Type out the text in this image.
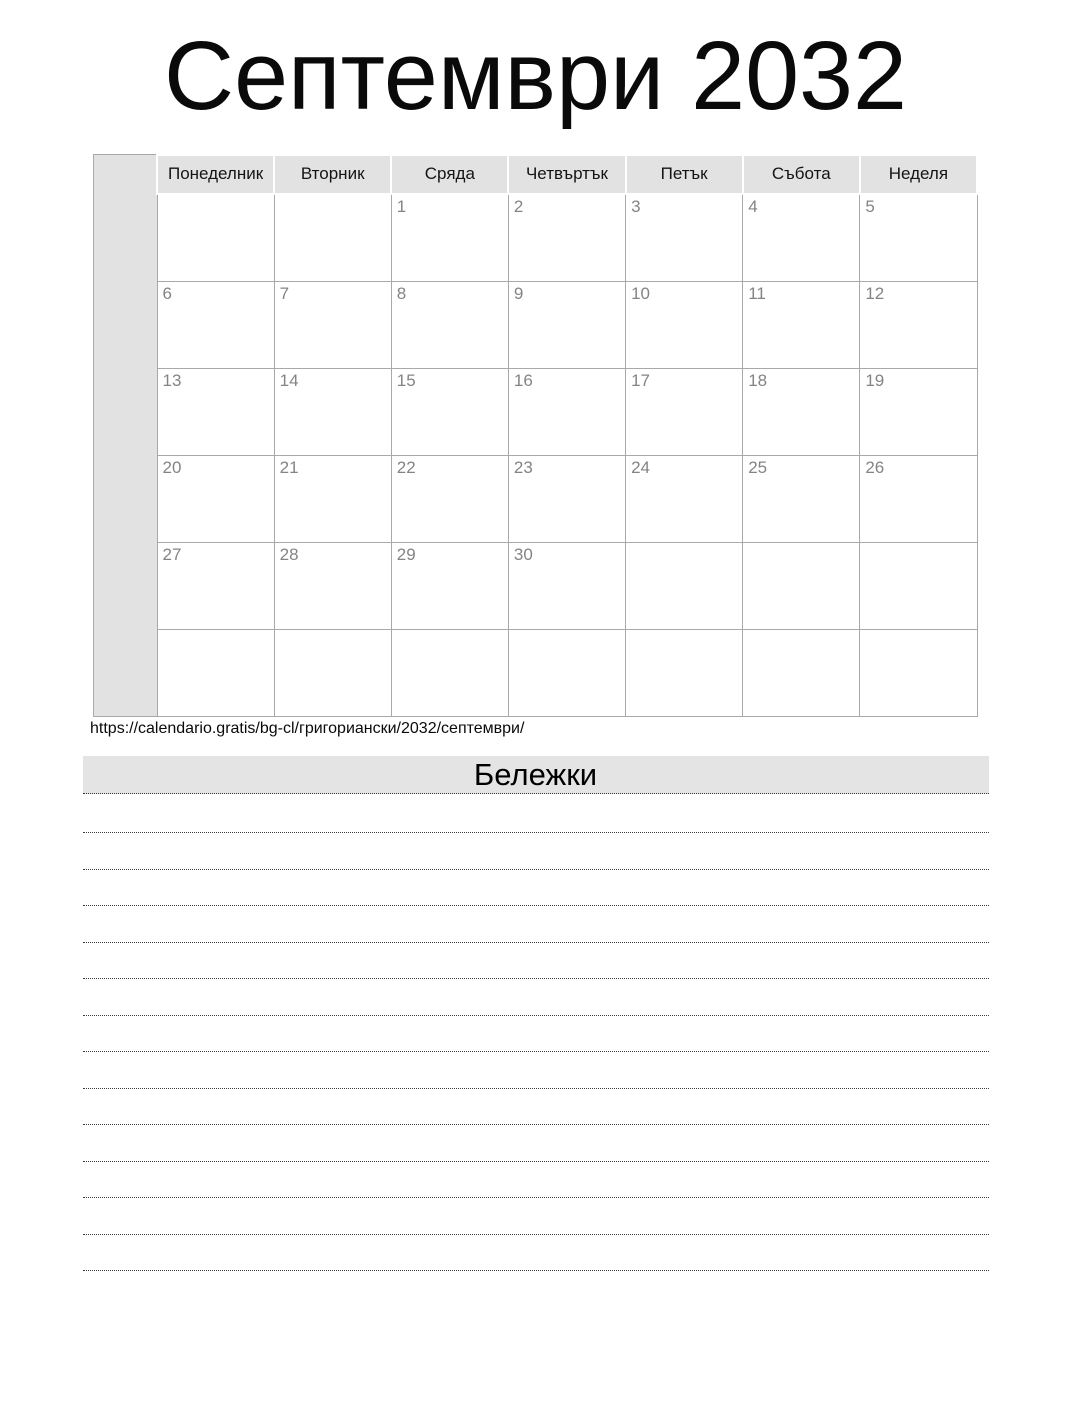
Септември 2032
	Понеделник	Вторник	Сряда	Четвъртък	Петък	Събота	Неделя
			1	2	3	4	5
	6	7	8	9	10	11	12
	13	14	15	16	17	18	19
	20	21	22	23	24	25	26
	27	28	29	30			

https://calendario.gratis/bg-cl/григориански/2032/септември/
Бележки
